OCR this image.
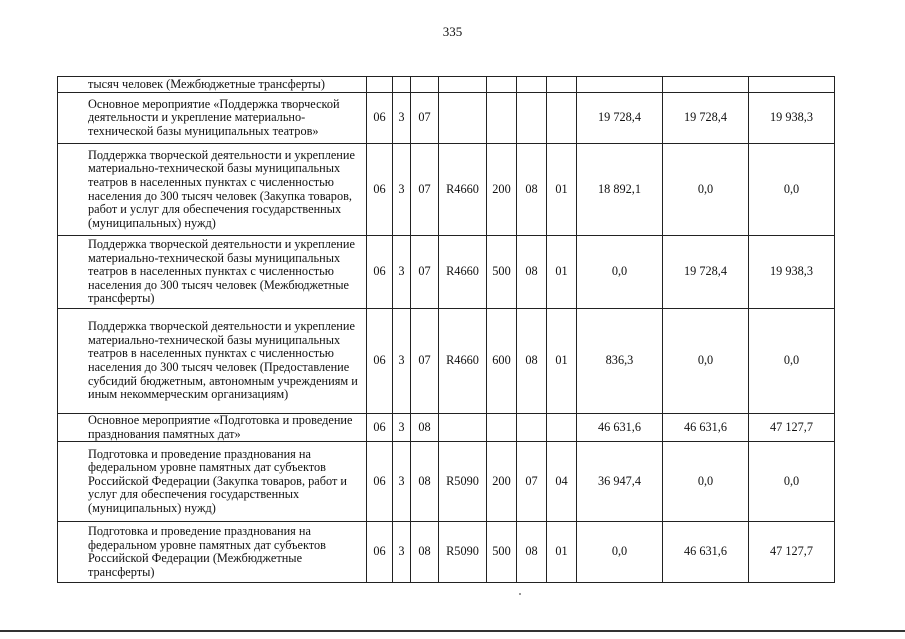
335
тысяч человек (Межбюджетные трансферты)										

Основное мероприятие «Поддержка творческой деятельности и укрепление материально-технической базы муниципальных театров»	06	3	07					19 728,4	19 728,4	19 938,3

Поддержка творческой деятельности и укрепление материально-технической базы муниципальных театров в населенных пунктах с численностью населения до 300 тысяч человек (Закупка товаров, работ и услуг для обеспечения государственных (муниципальных) нужд)	06	3	07	R4660	200	08	01	18 892,1	0,0	0,0

Поддержка творческой деятельности и укрепление материально-технической базы муниципальных театров в населенных пунктах с численностью населения до 300 тысяч человек (Межбюджетные трансферты)	06	3	07	R4660	500	08	01	0,0	19 728,4	19 938,3

Поддержка творческой деятельности и укрепление материально-технической базы муниципальных театров в населенных пунктах с численностью населения до 300 тысяч человек (Предоставление субсидий бюджетным, автономным учреждениям и иным некоммерческим организациям)	06	3	07	R4660	600	08	01	836,3	0,0	0,0

Основное мероприятие «Подготовка и проведение празднования памятных дат»	06	3	08					46 631,6	46 631,6	47 127,7

Подготовка и проведение празднования на федеральном уровне памятных дат субъектов Российской Федерации (Закупка товаров, работ и услуг для обеспечения государственных (муниципальных) нужд)	06	3	08	R5090	200	07	04	36 947,4	0,0	0,0

Подготовка и проведение празднования на федеральном уровне памятных дат субъектов Российской Федерации (Межбюджетные трансферты)	06	3	08	R5090	500	08	01	0,0	46 631,6	47 127,7
